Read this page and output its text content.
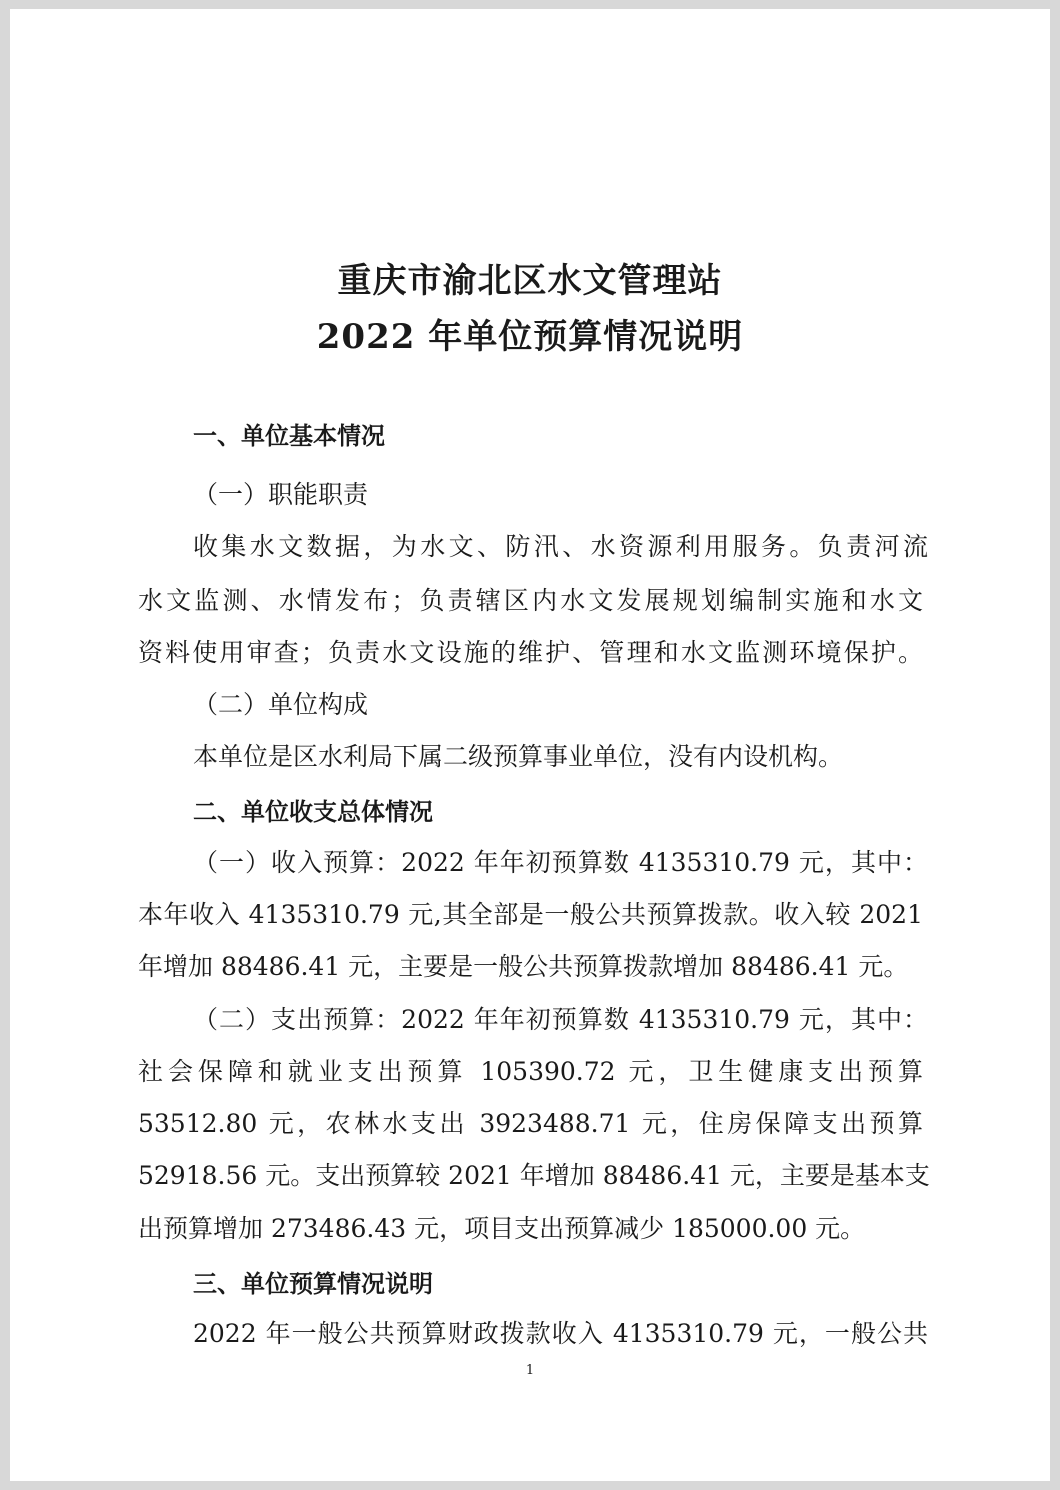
重庆市渝北区水文管理站
2022 年单位预算情况说明
一、单位基本情况
（一）职能职责
收集水文数据，为水文、防汛、水资源利用服务。负责河流
水文监测、水情发布；负责辖区内水文发展规划编制实施和水文
资料使用审查；负责水文设施的维护、管理和水文监测环境保护。
（二）单位构成
本单位是区水利局下属二级预算事业单位，没有内设机构。
二、单位收支总体情况
（一）收入预算：2022 年年初预算数 4135310.79 元，其中：
本年收入 4135310.79 元,其全部是一般公共预算拨款。收入较 2021
年增加 88486.41 元，主要是一般公共预算拨款增加 88486.41 元。
（二）支出预算：2022 年年初预算数 4135310.79 元，其中：
社会保障和就业支出预算 105390.72 元，卫生健康支出预算
53512.80 元，农林水支出 3923488.71 元，住房保障支出预算
52918.56 元。支出预算较 2021 年增加 88486.41 元，主要是基本支
出预算增加 273486.43 元，项目支出预算减少 185000.00 元。
三、单位预算情况说明
2022 年一般公共预算财政拨款收入 4135310.79 元，一般公共
1
